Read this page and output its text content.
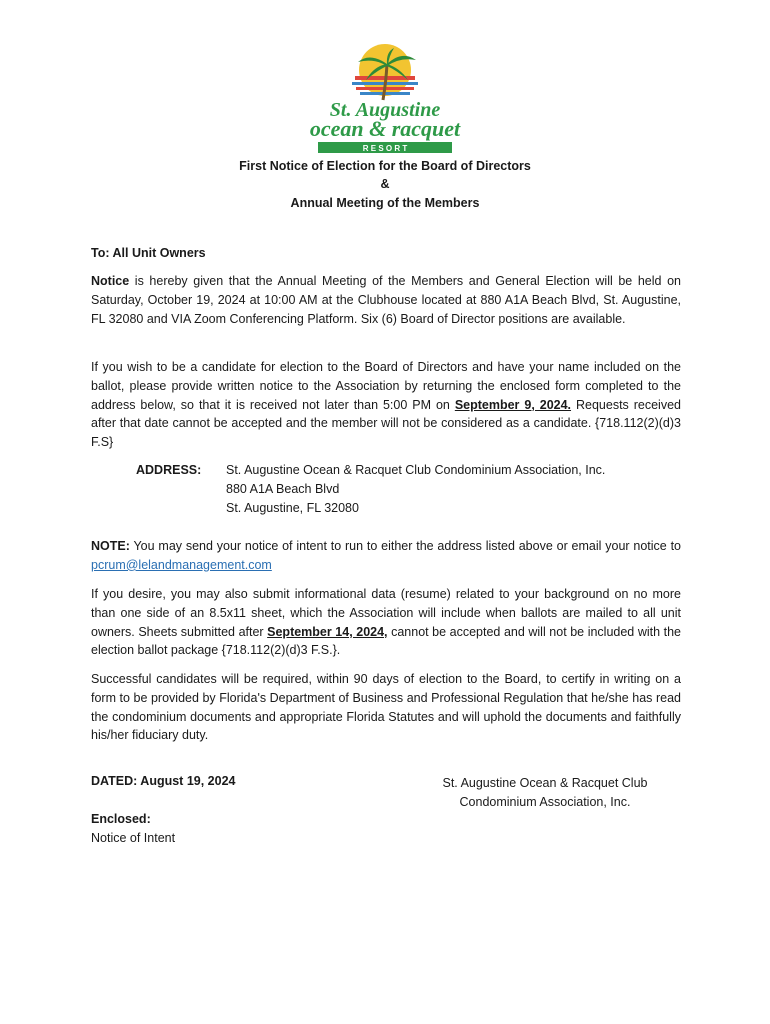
St. Augustine
ocean & racquet
R E S O R T
First Notice of Election for the Board of Directors
&
Annual Meeting of the Members
To: All Unit Owners
Notice is hereby given that the Annual Meeting of the Members and General Election will be held on Saturday, October 19, 2024 at 10:00 AM at the Clubhouse located at 880 A1A Beach Blvd, St. Augustine, FL 32080 and VIA Zoom Conferencing Platform. Six (6) Board of Director positions are available.
If you wish to be a candidate for election to the Board of Directors and have your name included on the ballot, please provide written notice to the Association by returning the enclosed form completed to the address below, so that it is received not later than 5:00 PM on September 9, 2024. Requests received after that date cannot be accepted and the member will not be considered as a candidate. {718.112(2)(d)3 F.S}
ADDRESS: St. Augustine Ocean & Racquet Club Condominium Association, Inc.
880 A1A Beach Blvd
St. Augustine, FL 32080
NOTE: You may send your notice of intent to run to either the address listed above or email your notice to pcrum@lelandmanagement.com
If you desire, you may also submit informational data (resume) related to your background on no more than one side of an 8.5x11 sheet, which the Association will include when ballots are mailed to all unit owners. Sheets submitted after September 14, 2024, cannot be accepted and will not be included with the election ballot package {718.112(2)(d)3 F.S.}.
Successful candidates will be required, within 90 days of election to the Board, to certify in writing on a form to be provided by Florida's Department of Business and Professional Regulation that he/she has read the condominium documents and appropriate Florida Statutes and will uphold the documents and faithfully his/her fiduciary duty.
DATED: August 19, 2024	St. Augustine Ocean & Racquet Club
Condominium Association, Inc.
Enclosed:
Notice of Intent
